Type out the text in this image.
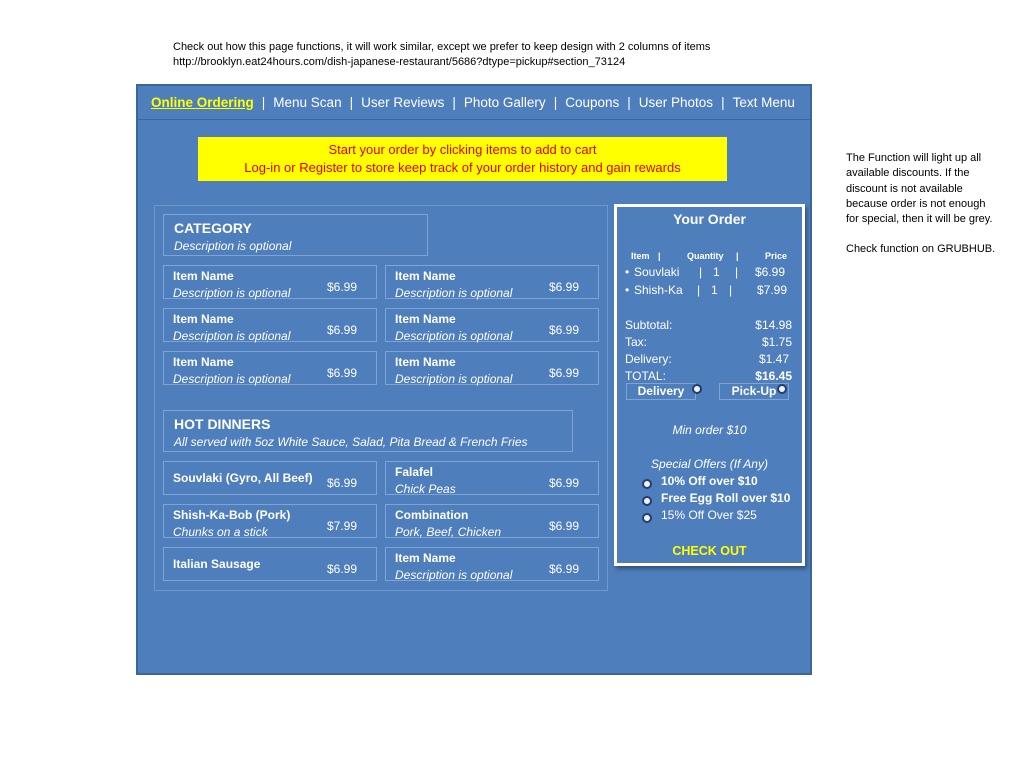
Check out how this page functions, it will work similar, except we prefer to keep design with 2 columns of items
http://brooklyn.eat24hours.com/dish-japanese-restaurant/5686?dtype=pickup#section_73124

The Function will light up all available discounts. If the discount is not available because order is not enough for special, then it will be grey.

Check function on GRUBHUB.

Online Ordering | Menu Scan | User Reviews | Photo Gallery | Coupons | User Photos | Text Menu
Start your order by clicking items to add to cart
Log-in or Register to store keep track of your order history and gain rewards
CATEGORY
Description is optional
Item Name
Description is optional	$6.99
Item Name
Description is optional	$6.99
Item Name
Description is optional	$6.99
Item Name
Description is optional	$6.99
Item Name
Description is optional	$6.99
Item Name
Description is optional	$6.99
HOT DINNERS
All served with 5oz White Sauce, Salad, Pita Bread & French Fries
Souvlaki (Gyro, All Beef) $6.99
Falafel
Chick Peas	$6.99
Shish-Ka-Bob (Pork)
Chunks on a stick	$7.99
Combination
Pork, Beef, Chicken	$6.99
Italian Sausage	$6.99
Item Name
Description is optional	$6.99
Your Order
Item |	Quantity |	Price
• Souvlaki | 1 | $6.99
• Shish-Ka | 1 | $7.99
Subtotal:	$14.98
Tax:	$1.75
Delivery:	$1.47
TOTAL:	$16.45
Delivery	Pick-Up
Min order $10
Special Offers (If Any)
10% Off over $10
Free Egg Roll over $10
15% Off Over $25
CHECK OUT
